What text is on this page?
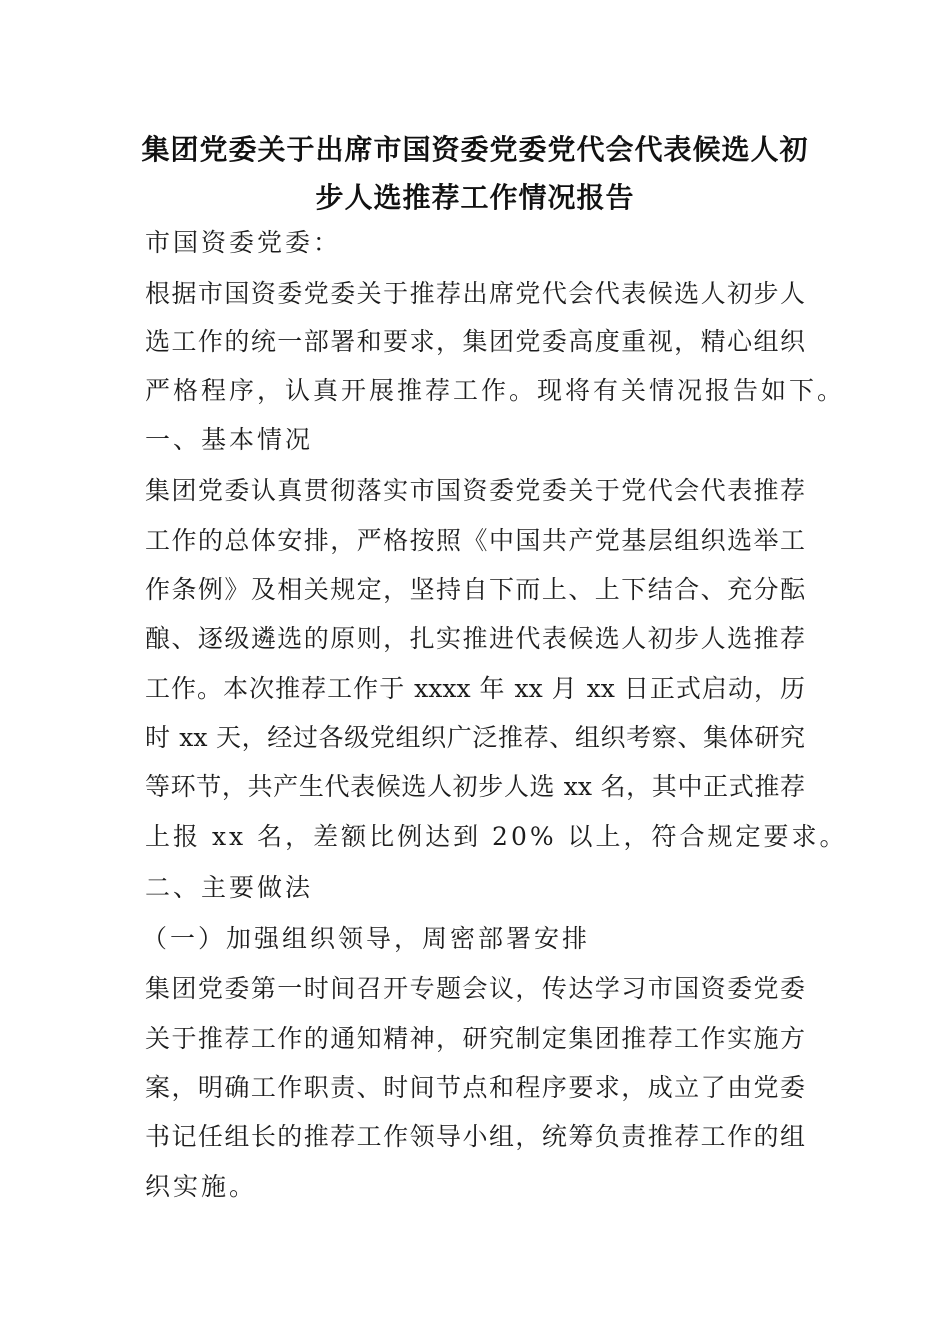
集团党委关于出席市国资委党委党代会代表候选人初
步人选推荐工作情况报告
市国资委党委：
根据市国资委党委关于推荐出席党代会代表候选人初步人
选工作的统一部署和要求，集团党委高度重视，精心组织
严格程序，认真开展推荐工作。现将有关情况报告如下。
一、基本情况
集团党委认真贯彻落实市国资委党委关于党代会代表推荐
工作的总体安排，严格按照《中国共产党基层组织选举工
作条例》及相关规定，坚持自下而上、上下结合、充分酝
酿、逐级遴选的原则，扎实推进代表候选人初步人选推荐
工作。本次推荐工作于 xxxx 年 xx 月 xx 日正式启动，历
时 xx 天，经过各级党组织广泛推荐、组织考察、集体研究
等环节，共产生代表候选人初步人选 xx 名，其中正式推荐
上报 xx 名，差额比例达到 20% 以上，符合规定要求。
二、主要做法
（一）加强组织领导，周密部署安排
集团党委第一时间召开专题会议，传达学习市国资委党委
关于推荐工作的通知精神，研究制定集团推荐工作实施方
案，明确工作职责、时间节点和程序要求，成立了由党委
书记任组长的推荐工作领导小组，统筹负责推荐工作的组
织实施。
